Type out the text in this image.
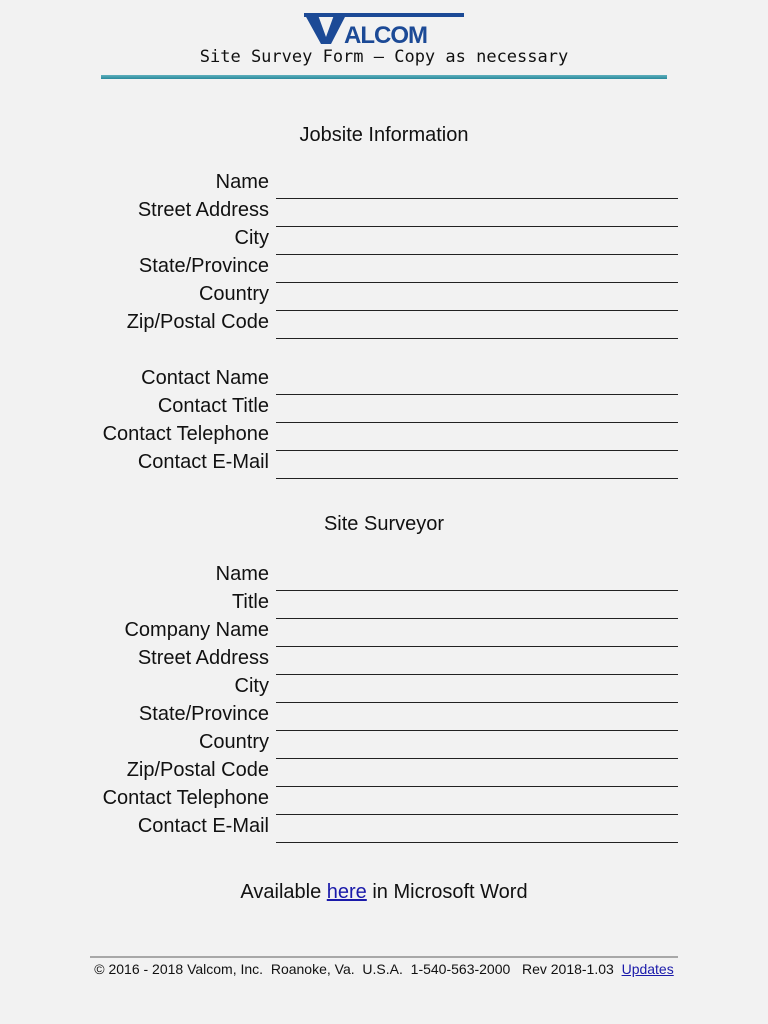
ALCOM
Site Survey Form – Copy as necessary
Jobsite Information
Name
Street Address
City
State/Province
Country
Zip/Postal Code
Contact Name
Contact Title
Contact Telephone
Contact E-Mail
Site Surveyor
Name
Title
Company Name
Street Address
City
State/Province
Country
Zip/Postal Code
Contact Telephone
Contact E-Mail
Available here in Microsoft Word
© 2016 - 2018 Valcom, Inc.  Roanoke, Va.  U.S.A.  1-540-563-2000   Rev 2018-1.03  Updates
